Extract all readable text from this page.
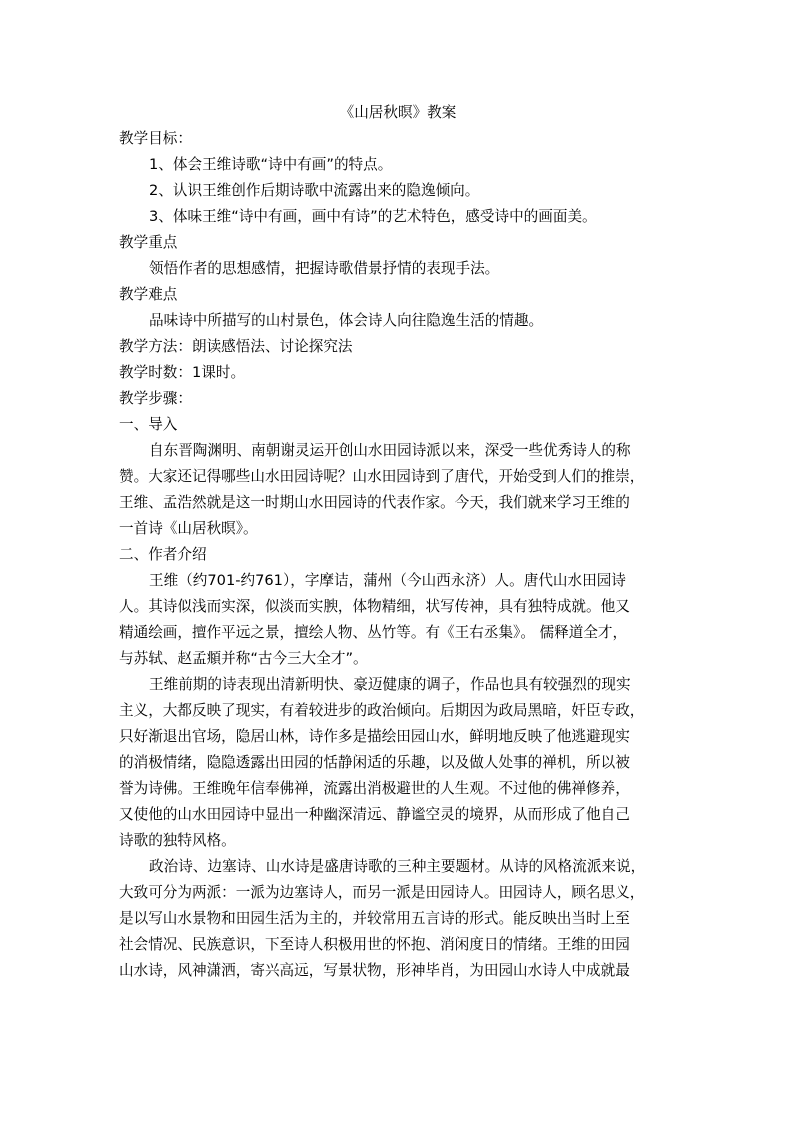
《山居秋暝》教案

教学目标：

1、体会王维诗歌“诗中有画”的特点。

2、认识王维创作后期诗歌中流露出来的隐逸倾向。

3、体味王维“诗中有画，画中有诗”的艺术特色，感受诗中的画面美。

教学重点

领悟作者的思想感情，把握诗歌借景抒情的表现手法。

教学难点

品味诗中所描写的山村景色，体会诗人向往隐逸生活的情趣。

教学方法：朗读感悟法、讨论探究法

教学时数：1课时。

教学步骤：

一、导入

自东晋陶渊明、南朝谢灵运开创山水田园诗派以来，深受一些优秀诗人的称
赞。大家还记得哪些山水田园诗呢？山水田园诗到了唐代，开始受到人们的推崇，
王维、孟浩然就是这一时期山水田园诗的代表作家。今天，我们就来学习王维的
一首诗《山居秋暝》。

二、作者介绍

王维（约701-约761），字摩诘，蒲州（今山西永济）人。唐代山水田园诗
人。其诗似浅而实深，似淡而实腴，体物精细，状写传神，具有独特成就。他又
精通绘画，擅作平远之景，擅绘人物、丛竹等。有《王右丞集》。 儒释道全才，
与苏轼、赵孟頫并称“古今三大全才”。
王维前期的诗表现出清新明快、豪迈健康的调子，作品也具有较强烈的现实
主义，大都反映了现实，有着较进步的政治倾向。后期因为政局黑暗，奸臣专政，
只好渐退出官场，隐居山林，诗作多是描绘田园山水，鲜明地反映了他逃避现实
的消极情绪，隐隐透露出田园的恬静闲适的乐趣，以及做人处事的禅机，所以被
誉为诗佛。王维晚年信奉佛禅，流露出消极避世的人生观。不过他的佛禅修养，
又使他的山水田园诗中显出一种幽深清远、静谧空灵的境界，从而形成了他自己
诗歌的独特风格。
政治诗、边塞诗、山水诗是盛唐诗歌的三种主要题材。从诗的风格流派来说，
大致可分为两派：一派为边塞诗人，而另一派是田园诗人。田园诗人，顾名思义，
是以写山水景物和田园生活为主的，并较常用五言诗的形式。能反映出当时上至
社会情况、民族意识，下至诗人积极用世的怀抱、消闲度日的情绪。王维的田园
山水诗，风神潇洒，寄兴高远，写景状物，形神毕肖，为田园山水诗人中成就最
